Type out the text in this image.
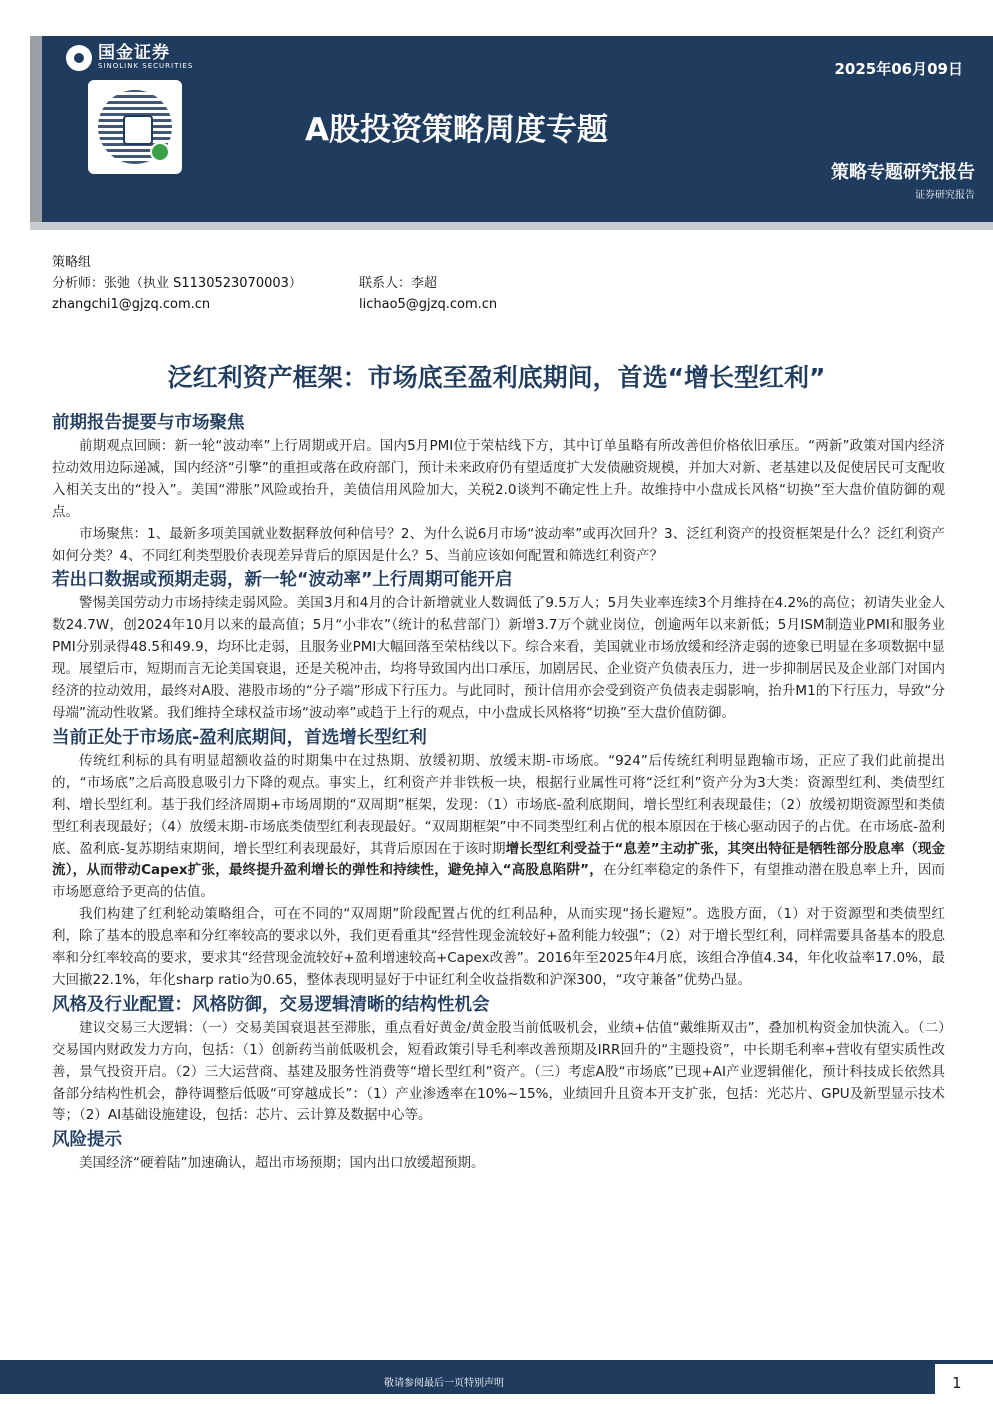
国金证券
SINOLINK SECURITIES	2025年06月09日
A股投资策略周度专题
策略专题研究报告
证券研究报告
策略组
分析师：张弛（执业 S1130523070003）	联系人：李超
zhangchi1@gjzq.com.cn	lichao5@gjzq.com.cn
泛红利资产框架：市场底至盈利底期间，首选“增长型红利”
前期报告提要与市场聚焦

前期观点回顾：新一轮“波动率”上行周期或开启。国内5月PMI位于荣枯线下方，其中订单虽略有所改善但价格依旧承压。“两新”政策对国内经济拉动效用边际递减，国内经济“引擎”的重担或落在政府部门，预计未来政府仍有望适度扩大发债融资规模，并加大对新、老基建以及促使居民可支配收入相关支出的“投入”。美国“滞胀”风险或抬升，美债信用风险加大，关税2.0谈判不确定性上升。故维持中小盘成长风格“切换”至大盘价值防御的观点。

市场聚焦：1、最新多项美国就业数据释放何种信号？2、为什么说6月市场“波动率”或再次回升？3、泛红利资产的投资框架是什么？泛红利资产如何分类？4、不同红利类型股价表现差异背后的原因是什么？5、当前应该如何配置和筛选红利资产？

若出口数据或预期走弱，新一轮“波动率”上行周期可能开启

警惕美国劳动力市场持续走弱风险。美国3月和4月的合计新增就业人数调低了9.5万人；5月失业率连续3个月维持在4.2%的高位；初请失业金人数24.7W，创2024年10月以来的最高值；5月“小非农”（统计的私营部门）新增3.7万个就业岗位，创逾两年以来新低；5月ISM制造业PMI和服务业PMI分别录得48.5和49.9，均环比走弱，且服务业PMI大幅回落至荣枯线以下。综合来看，美国就业市场放缓和经济走弱的迹象已明显在多项数据中显现。展望后市，短期而言无论美国衰退，还是关税冲击，均将导致国内出口承压，加剧居民、企业资产负债表压力，进一步抑制居民及企业部门对国内经济的拉动效用，最终对A股、港股市场的“分子端”形成下行压力。与此同时，预计信用亦会受到资产负债表走弱影响，抬升M1的下行压力，导致“分母端”流动性收紧。我们维持全球权益市场“波动率”或趋于上行的观点，中小盘成长风格将“切换”至大盘价值防御。

当前正处于市场底-盈利底期间，首选增长型红利

传统红利标的具有明显超额收益的时期集中在过热期、放缓初期、放缓末期-市场底。“924”后传统红利明显跑输市场，正应了我们此前提出的，“市场底”之后高股息吸引力下降的观点。事实上，红利资产并非铁板一块，根据行业属性可将“泛红利”资产分为3大类：资源型红利、类债型红利、增长型红利。基于我们经济周期+市场周期的“双周期”框架，发现：（1）市场底-盈利底期间，增长型红利表现最佳；（2）放缓初期资源型和类债型红利表现最好；（4）放缓末期-市场底类债型红利表现最好。“双周期框架”中不同类型红利占优的根本原因在于核心驱动因子的占优。在市场底-盈利底、盈利底-复苏期结束期间，增长型红利表现最好，其背后原因在于该时期增长型红利受益于“息差”主动扩张，其突出特征是牺牲部分股息率（现金流），从而带动Capex扩张，最终提升盈利增长的弹性和持续性，避免掉入“高股息陷阱”，在分红率稳定的条件下，有望推动潜在股息率上升，因而市场愿意给予更高的估值。

我们构建了红利轮动策略组合，可在不同的“双周期”阶段配置占优的红利品种，从而实现“扬长避短”。选股方面，（1）对于资源型和类债型红利，除了基本的股息率和分红率较高的要求以外，我们更看重其“经营性现金流较好+盈利能力较强”；（2）对于增长型红利，同样需要具备基本的股息率和分红率较高的要求，要求其“经营现金流较好+盈利增速较高+Capex改善”。2016年至2025年4月底，该组合净值4.34，年化收益率17.0%，最大回撤22.1%，年化sharp ratio为0.65，整体表现明显好于中证红利全收益指数和沪深300，“攻守兼备”优势凸显。

风格及行业配置：风格防御，交易逻辑清晰的结构性机会

建议交易三大逻辑：（一）交易美国衰退甚至滞胀，重点看好黄金/黄金股当前低吸机会，业绩+估值“戴维斯双击”，叠加机构资金加快流入。（二）交易国内财政发力方向，包括：（1）创新药当前低吸机会，短看政策引导毛利率改善预期及IRR回升的“主题投资”，中长期毛利率+营收有望实质性改善，景气投资开启。（2）三大运营商、基建及服务性消费等“增长型红利”资产。（三）考虑A股“市场底”已现+AI产业逻辑催化，预计科技成长依然具备部分结构性机会，静待调整后低吸“可穿越成长”：（1）产业渗透率在10%~15%，业绩回升且资本开支扩张，包括：光芯片、GPU及新型显示技术等；（2）AI基础设施建设，包括：芯片、云计算及数据中心等。

风险提示

美国经济“硬着陆”加速确认，超出市场预期；国内出口放缓超预期。

敬请参阅最后一页特别声明	1
